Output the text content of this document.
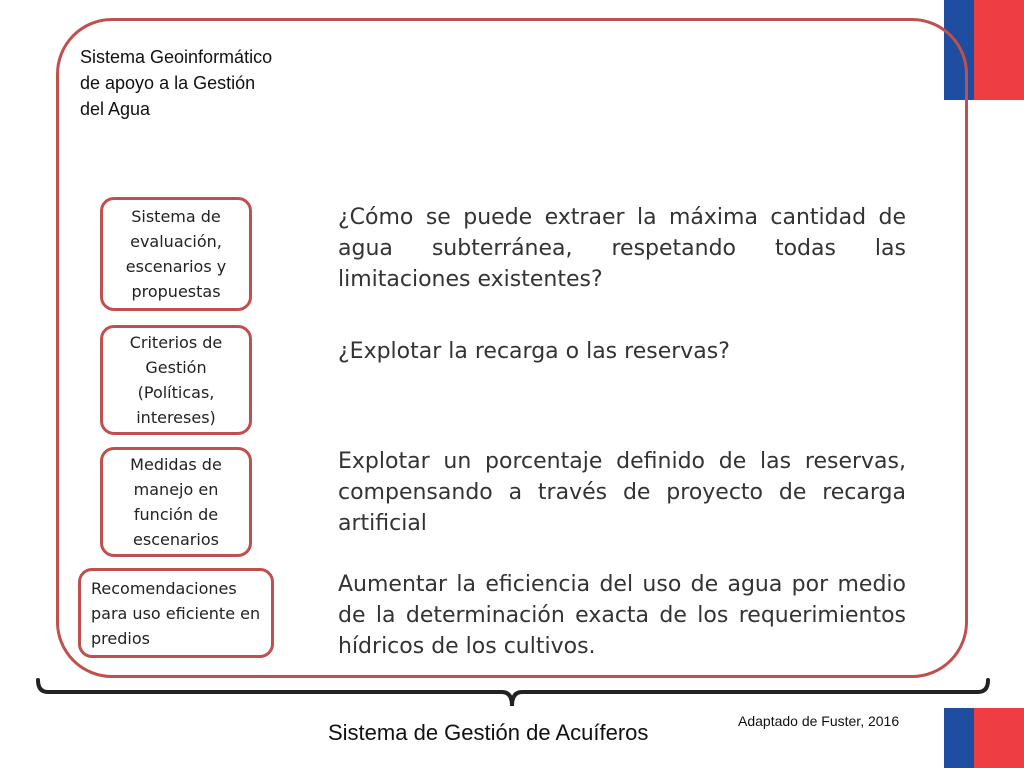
Sistema Geoinformático de apoyo a la Gestión del Agua
Sistema de evaluación, escenarios y propuestas
Criterios de Gestión (Políticas, intereses)
Medidas de manejo en función de escenarios
Recomendaciones para uso eficiente en predios
¿Cómo se puede extraer la máxima cantidad de agua subterránea, respetando todas las limitaciones existentes?
¿Explotar la recarga o las reservas?
Explotar un porcentaje definido de las reservas, compensando a través de proyecto de recarga artificial
Aumentar la eficiencia del uso de agua por medio de la determinación exacta de los requerimientos hídricos de los cultivos.
Sistema de Gestión de Acuíferos	Adaptado de Fuster, 2016
